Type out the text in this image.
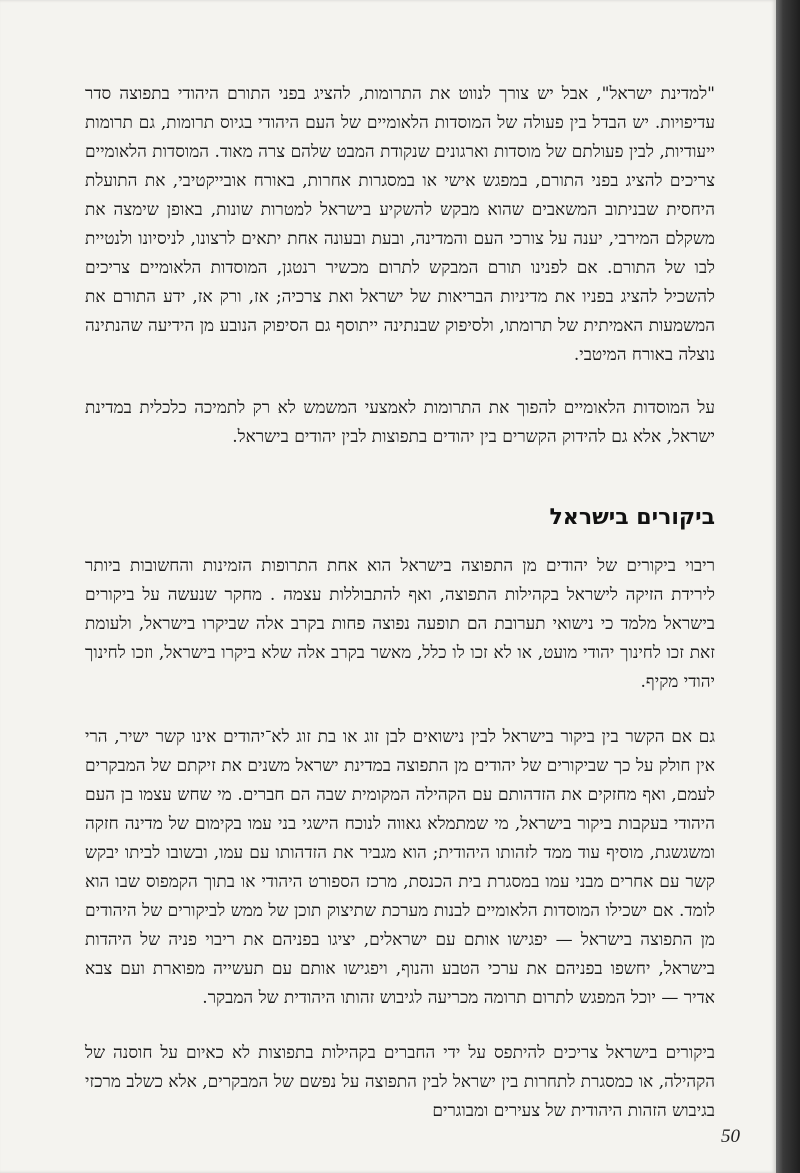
"למדינת ישראל", אבל יש צורך לנווט את התרומות, להציג בפני התורם היהודי בתפוצה סדר עדיפויות. יש הבדל בין פעולה של המוסדות הלאומיים של העם היהודי בגיוס תרומות, גם תרומות ייעודיות, לבין פעולתם של מוסדות וארגונים שנקודת המבט שלהם צרה מאוד. המוסדות הלאומיים צריכים להציג בפני התורם, במפגש אישי או במסגרות אחרות, באורח אובייקטיבי, את התועלת היחסית שבניתוב המשאבים שהוא מבקש להשקיע בישראל למטרות שונות, באופן שימצה את משקלם המירבי, יענה על צורכי העם והמדינה, ובעת ובעונה אחת יתאים לרצונו, לניסיונו ולנטיית לבו של התורם. אם לפנינו תורם המבקש לתרום מכשיר רנטגן, המוסדות הלאומיים צריכים להשכיל להציג בפניו את מדיניות הבריאות של ישראל ואת צרכיה; אז, ורק אז, ידע התורם את המשמעות האמיתית של תרומתו, ולסיפוק שבנתינה ייתוסף גם הסיפוק הנובע מן הידיעה שהנתינה נוצלה באורח המיטבי.

על המוסדות הלאומיים להפוך את התרומות לאמצעי המשמש לא רק לתמיכה כלכלית במדינת ישראל, אלא גם להידוק הקשרים בין יהודים בתפוצות לבין יהודים בישראל.

ביקורים בישראל

ריבוי ביקורים של יהודים מן התפוצה בישראל הוא אחת התרופות הזמינות והחשובות ביותר לירידת הזיקה לישראל בקהילות התפוצה, ואף להתבוללות עצמה . מחקר שנעשה על ביקורים בישראל מלמד כי נישואי תערובת הם תופעה נפוצה פחות בקרב אלה שביקרו בישראל, ולעומת זאת זכו לחינוך יהודי מועט, או לא זכו לו כלל, מאשר בקרב אלה שלא ביקרו בישראל, וזכו לחינוך יהודי מקיף.

גם אם הקשר בין ביקור בישראל לבין נישואים לבן זוג או בת זוג לא־יהודים אינו קשר ישיר, הרי אין חולק על כך שביקורים של יהודים מן התפוצה במדינת ישראל משנים את זיקתם של המבקרים לעמם, ואף מחזקים את הזדהותם עם הקהילה המקומית שבה הם חברים. מי שחש עצמו בן העם היהודי בעקבות ביקור בישראל, מי שמתמלא גאווה לנוכח הישגי בני עמו בקימום של מדינה חזקה ומשגשגת, מוסיף עוד ממד לזהותו היהודית; הוא מגביר את הזדהותו עם עמו, ובשובו לביתו יבקש קשר עם אחרים מבני עמו במסגרת בית הכנסת, מרכז הספורט היהודי או בתוך הקמפוס שבו הוא לומד. אם ישכילו המוסדות הלאומיים לבנות מערכת שתיצוק תוכן של ממש לביקורים של היהודים מן התפוצה בישראל — יפגישו אותם עם ישראלים, יציגו בפניהם את ריבוי פניה של היהדות בישראל, יחשפו בפניהם את ערכי הטבע והנוף, ויפגישו אותם עם תעשייה מפוארת ועם צבא אדיר — יוכל המפגש לתרום תרומה מכריעה לגיבוש זהותו היהודית של המבקר.

ביקורים בישראל צריכים להיתפס על ידי החברים בקהילות בתפוצות לא כאיום על חוסנה של הקהילה, או כמסגרת לתחרות בין ישראל לבין התפוצה על נפשם של המבקרים, אלא כשלב מרכזי בגיבוש הזהות היהודית של צעירים ומבוגרים

50
